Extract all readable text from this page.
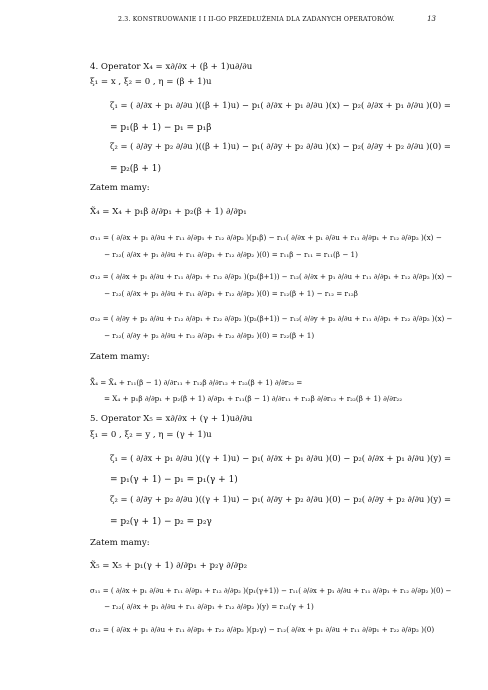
2.3. KONSTRUOWANIE I I II-GO PRZEDŁUŻENIA DLA ZADANYCH OPERATORÓW.	13
4. Operator X₄ = x∂/∂x + (β + 1)u∂/∂u
ξ₁ = x , ξ₂ = 0 , η = (β + 1)u
ζ₁ = ( ∂/∂x + p₁ ∂/∂u )((β + 1)u) − p₁( ∂/∂x + p₁ ∂/∂u )(x) − p₂( ∂/∂x + p₁ ∂/∂u )(0) =
= p₁(β + 1) − p₁ = p₁β
ζ₂ = ( ∂/∂y + p₂ ∂/∂u )((β + 1)u) − p₁( ∂/∂y + p₂ ∂/∂u )(x) − p₂( ∂/∂y + p₂ ∂/∂u )(0) =
= p₂(β + 1)
Zatem mamy:
X̃₄ = X₄ + p₁β ∂/∂p₁ + p₂(β + 1) ∂/∂p₁
σ₁₁ = ( ∂/∂x + p₁ ∂/∂u + r₁₁ ∂/∂p₁ + r₁₂ ∂/∂p₂ )(p₁β) − r₁₁( ∂/∂x + p₁ ∂/∂u + r₁₁ ∂/∂p₁ + r₁₂ ∂/∂p₂ )(x) −
− r₂₂( ∂/∂x + p₁ ∂/∂u + r₁₁ ∂/∂p₁ + r₁₂ ∂/∂p₂ )(0) = r₁₁β − r₁₁ = r₁₁(β − 1)
σ₁₂ = ( ∂/∂x + p₁ ∂/∂u + r₁₁ ∂/∂p₁ + r₁₂ ∂/∂p₂ )(p₂(β+1)) − r₁₂( ∂/∂x + p₁ ∂/∂u + r₁₁ ∂/∂p₁ + r₁₂ ∂/∂p₂ )(x) −
− r₂₂( ∂/∂x + p₁ ∂/∂u + r₁₁ ∂/∂p₁ + r₁₂ ∂/∂p₂ )(0) = r₁₂(β + 1) − r₁₂ = r₁₂β
σ₂₂ = ( ∂/∂y + p₂ ∂/∂u + r₁₂ ∂/∂p₁ + r₂₂ ∂/∂p₂ )(p₂(β+1)) − r₁₂( ∂/∂y + p₂ ∂/∂u + r₁₁ ∂/∂p₁ + r₂₂ ∂/∂p₂ )(x) −
− r₂₂( ∂/∂y + p₂ ∂/∂u + r₁₂ ∂/∂p₁ + r₂₂ ∂/∂p₂ )(0) = r₂₂(β + 1)
Zatem mamy:
X̃̃₄ = X̃₄ + r₁₁(β − 1) ∂/∂r₁₁ + r₁₂β ∂/∂r₁₂ + r₂₂(β + 1) ∂/∂r₂₂ =
= X₄ + p₁β ∂/∂p₁ + p₂(β + 1) ∂/∂p₁ + r₁₁(β − 1) ∂/∂r₁₁ + r₁₂β ∂/∂r₁₂ + r₂₂(β + 1) ∂/∂r₂₂
5. Operator X₅ = x∂/∂x + (γ + 1)u∂/∂u
ξ₁ = 0 , ξ₂ = y , η = (γ + 1)u
ζ₁ = ( ∂/∂x + p₁ ∂/∂u )((γ + 1)u) − p₁( ∂/∂x + p₁ ∂/∂u )(0) − p₂( ∂/∂x + p₁ ∂/∂u )(y) =
= p₁(γ + 1) − p₁ = p₁(γ + 1)
ζ₂ = ( ∂/∂y + p₂ ∂/∂u )((γ + 1)u) − p₁( ∂/∂y + p₂ ∂/∂u )(0) − p₂( ∂/∂y + p₂ ∂/∂u )(y) =
= p₂(γ + 1) − p₂ = p₂γ
Zatem mamy:
X̃₅ = X₅ + p₁(γ + 1) ∂/∂p₁ + p₂γ ∂/∂p₂
σ₁₁ = ( ∂/∂x + p₁ ∂/∂u + r₁₁ ∂/∂p₁ + r₁₂ ∂/∂p₂ )(p₁(γ+1)) − r₁₁( ∂/∂x + p₁ ∂/∂u + r₁₁ ∂/∂p₁ + r₁₂ ∂/∂p₂ )(0) −
− r₂₂( ∂/∂x + p₁ ∂/∂u + r₁₁ ∂/∂p₁ + r₁₂ ∂/∂p₂ )(y) = r₁₂(γ + 1)
σ₁₂ = ( ∂/∂x + p₁ ∂/∂u + r₁₁ ∂/∂p₁ + r₂₂ ∂/∂p₂ )(p₂γ) − r₁₂( ∂/∂x + p₁ ∂/∂u + r₁₁ ∂/∂p₁ + r₂₂ ∂/∂p₂ )(0)
